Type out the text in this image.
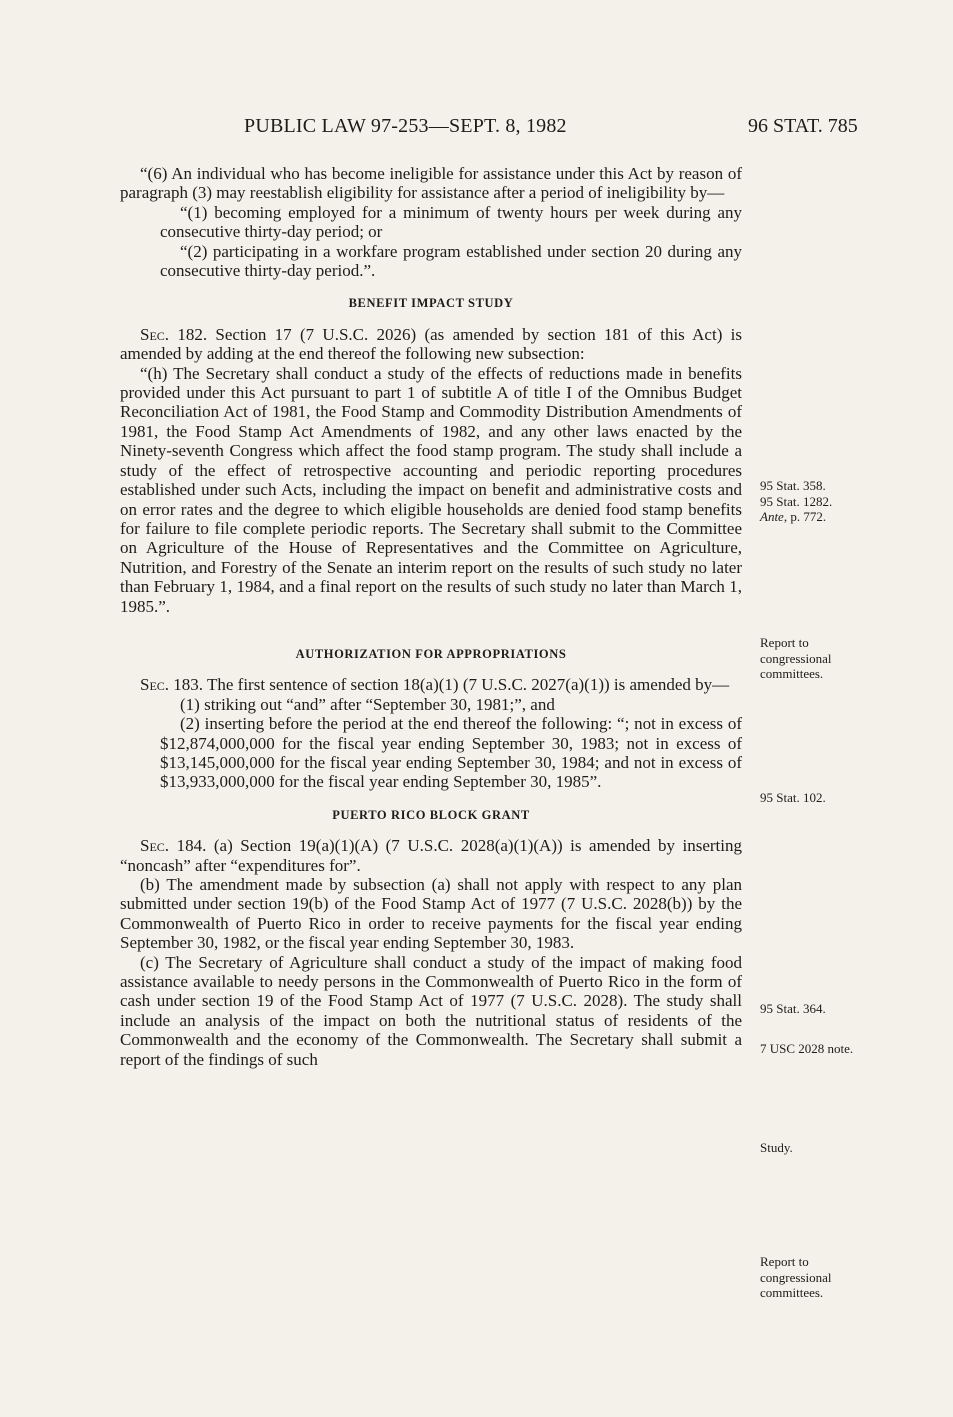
PUBLIC LAW 97-253—SEPT. 8, 1982	96 STAT. 785

“(6) An individual who has become ineligible for assistance under this Act by reason of paragraph (3) may reestablish eligibility for assistance after a period of ineligibility by—

“(1) becoming employed for a minimum of twenty hours per week during any consecutive thirty-day period; or

“(2) participating in a workfare program established under section 20 during any consecutive thirty-day period.”.

BENEFIT IMPACT STUDY

Sec. 182. Section 17 (7 U.S.C. 2026) (as amended by section 181 of this Act) is amended by adding at the end thereof the following new subsection:

“(h) The Secretary shall conduct a study of the effects of reductions made in benefits provided under this Act pursuant to part 1 of subtitle A of title I of the Omnibus Budget Reconciliation Act of 1981, the Food Stamp and Commodity Distribution Amendments of 1981, the Food Stamp Act Amendments of 1982, and any other laws enacted by the Ninety-seventh Congress which affect the food stamp program. The study shall include a study of the effect of retrospective accounting and periodic reporting procedures established under such Acts, including the impact on benefit and administrative costs and on error rates and the degree to which eligible households are denied food stamp benefits for failure to file complete periodic reports. The Secretary shall submit to the Committee on Agriculture of the House of Representatives and the Committee on Agriculture, Nutrition, and Forestry of the Senate an interim report on the results of such study no later than February 1, 1984, and a final report on the results of such study no later than March 1, 1985.”.

AUTHORIZATION FOR APPROPRIATIONS

Sec. 183. The first sentence of section 18(a)(1) (7 U.S.C. 2027(a)(1)) is amended by—

(1) striking out “and” after “September 30, 1981;”, and

(2) inserting before the period at the end thereof the following: “; not in excess of $12,874,000,000 for the fiscal year ending September 30, 1983; not in excess of $13,145,000,000 for the fiscal year ending September 30, 1984; and not in excess of $13,933,000,000 for the fiscal year ending September 30, 1985”.

PUERTO RICO BLOCK GRANT

Sec. 184. (a) Section 19(a)(1)(A) (7 U.S.C. 2028(a)(1)(A)) is amended by inserting “noncash” after “expenditures for”.

(b) The amendment made by subsection (a) shall not apply with respect to any plan submitted under section 19(b) of the Food Stamp Act of 1977 (7 U.S.C. 2028(b)) by the Commonwealth of Puerto Rico in order to receive payments for the fiscal year ending September 30, 1982, or the fiscal year ending September 30, 1983.

(c) The Secretary of Agriculture shall conduct a study of the impact of making food assistance available to needy persons in the Commonwealth of Puerto Rico in the form of cash under section 19 of the Food Stamp Act of 1977 (7 U.S.C. 2028). The study shall include an analysis of the impact on both the nutritional status of residents of the Commonwealth and the economy of the Commonwealth. The Secretary shall submit a report of the findings of such

95 Stat. 358.
95 Stat. 1282.
Ante, p. 772.
Report to congressional committees.
95 Stat. 102.
95 Stat. 364.
7 USC 2028 note.
Study.
Report to congressional committees.
